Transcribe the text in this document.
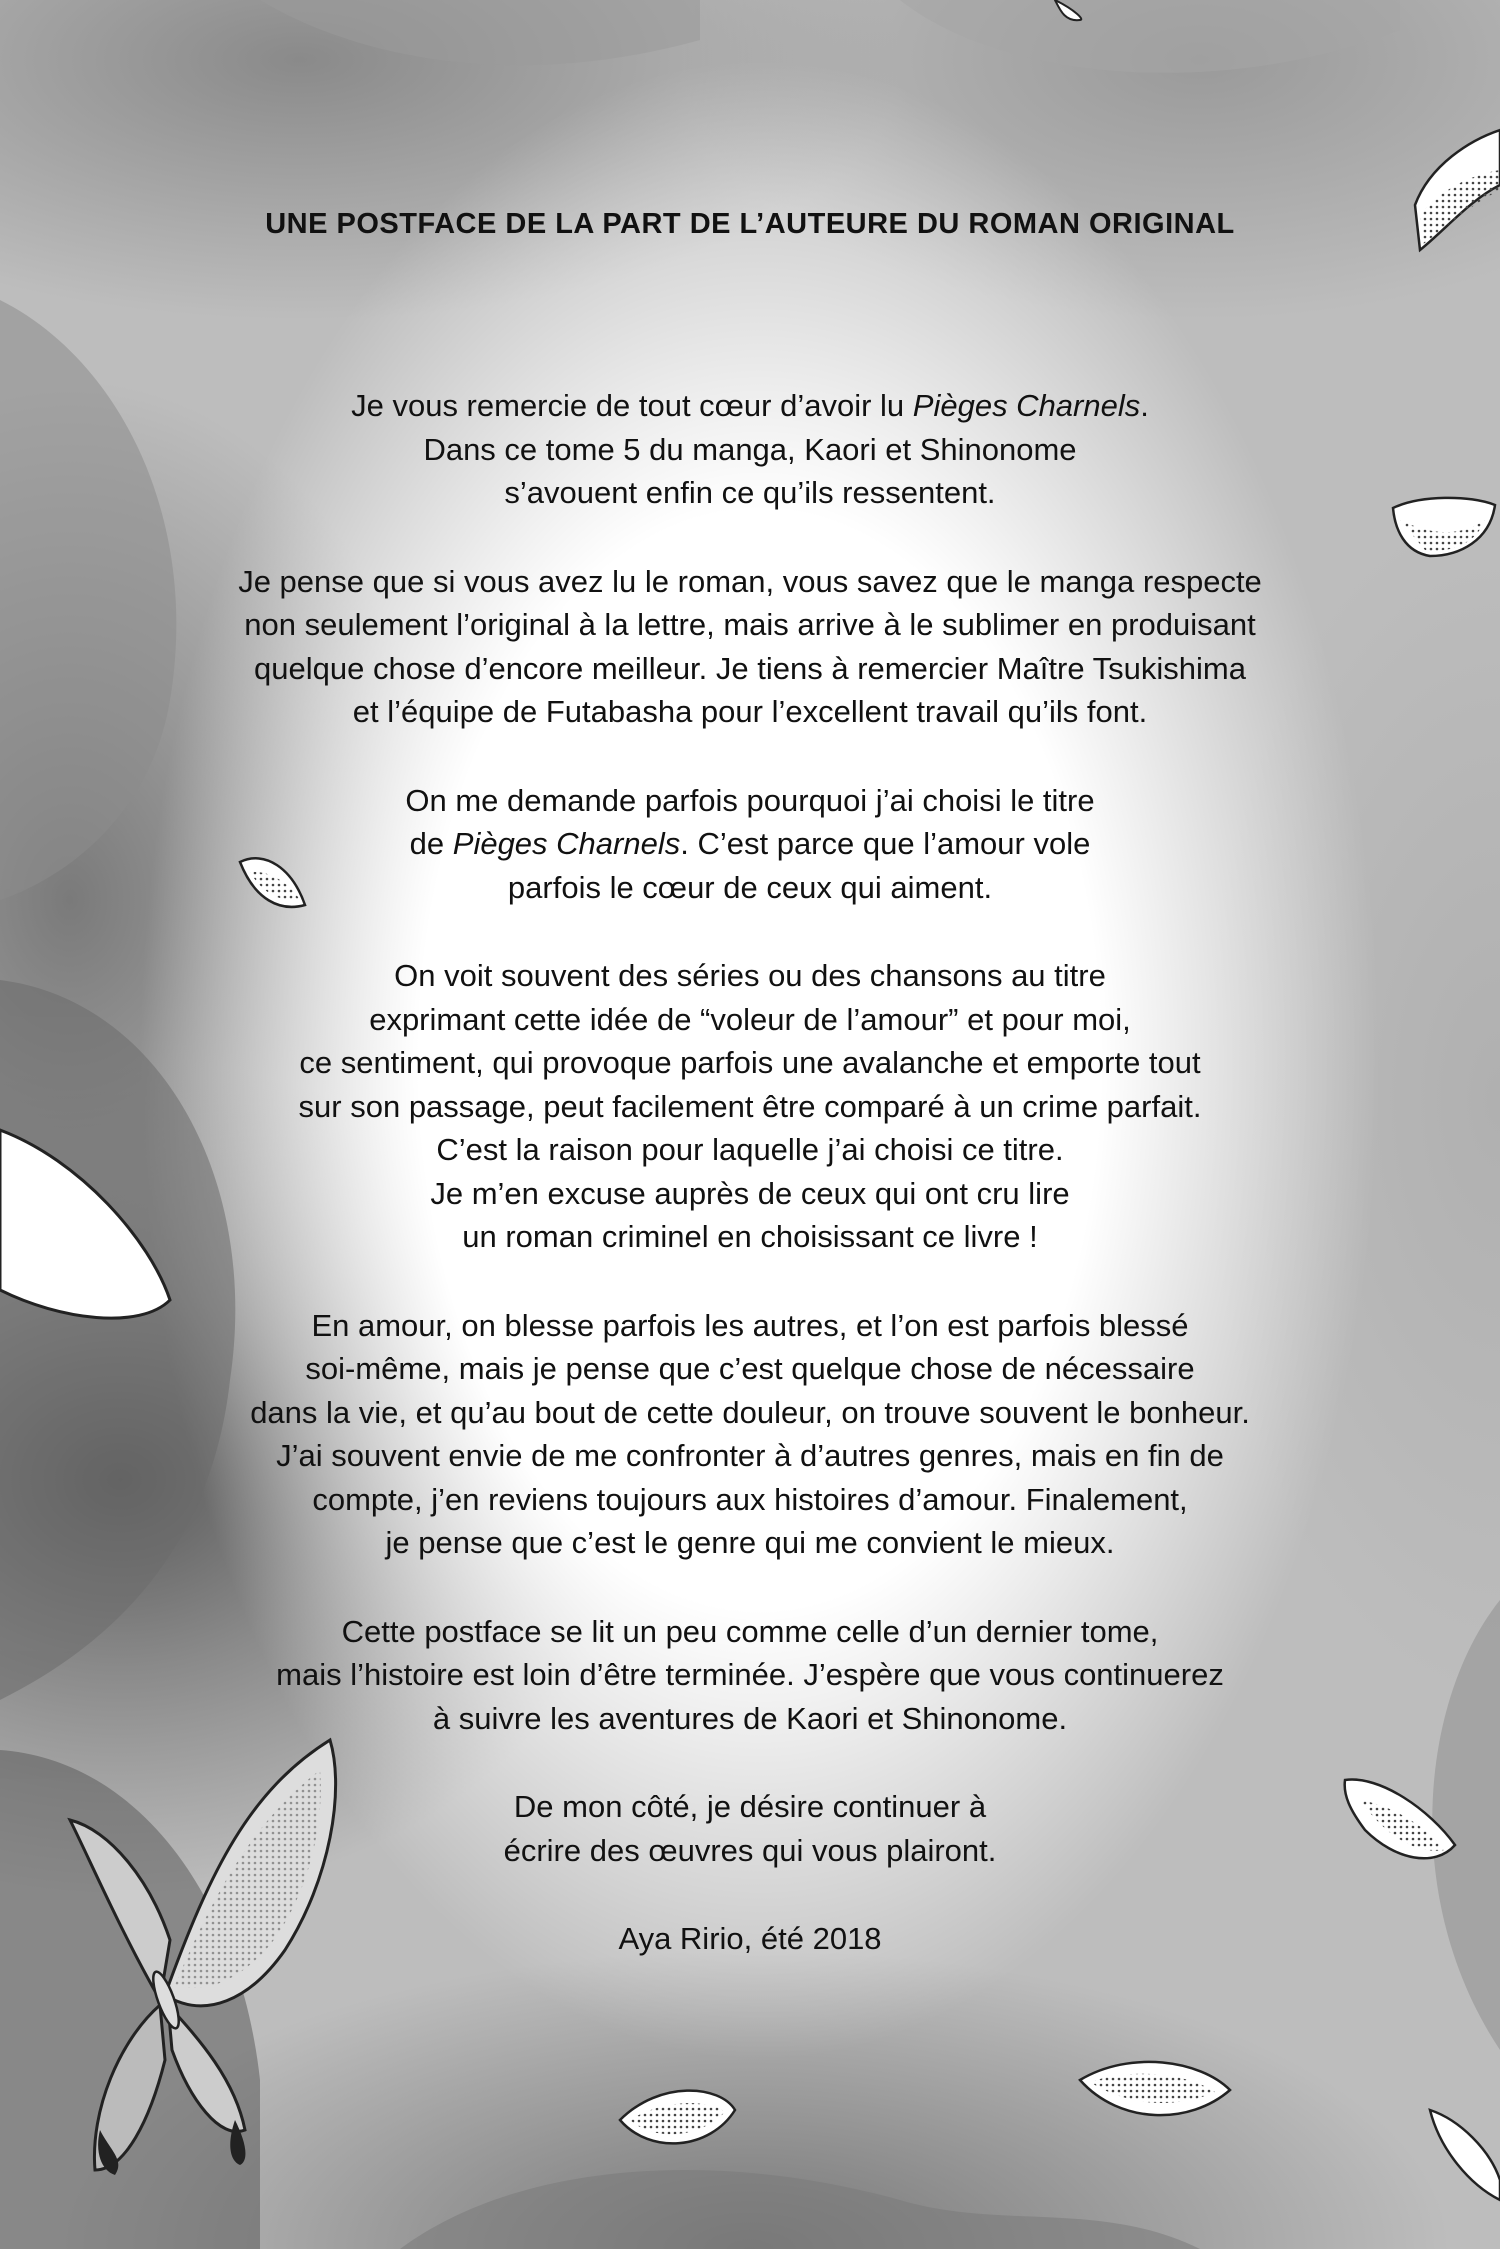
UNE POSTFACE DE LA PART DE L’AUTEURE DU ROMAN ORIGINAL

Je vous remercie de tout cœur d’avoir lu Pièges Charnels.
Dans ce tome 5 du manga, Kaori et Shinonome
s’avouent enfin ce qu’ils ressentent.

Je pense que si vous avez lu le roman, vous savez que le manga respecte
non seulement l’original à la lettre, mais arrive à le sublimer en produisant
quelque chose d’encore meilleur. Je tiens à remercier Maître Tsukishima
et l’équipe de Futabasha pour l’excellent travail qu’ils font.

On me demande parfois pourquoi j’ai choisi le titre
de Pièges Charnels. C’est parce que l’amour vole
parfois le cœur de ceux qui aiment.

On voit souvent des séries ou des chansons au titre
exprimant cette idée de “voleur de l’amour” et pour moi,
ce sentiment, qui provoque parfois une avalanche et emporte tout
sur son passage, peut facilement être comparé à un crime parfait.
C’est la raison pour laquelle j’ai choisi ce titre.
Je m’en excuse auprès de ceux qui ont cru lire
un roman criminel en choisissant ce livre !

En amour, on blesse parfois les autres, et l’on est parfois blessé
soi-même, mais je pense que c’est quelque chose de nécessaire
dans la vie, et qu’au bout de cette douleur, on trouve souvent le bonheur.
J’ai souvent envie de me confronter à d’autres genres, mais en fin de
compte, j’en reviens toujours aux histoires d’amour. Finalement,
je pense que c’est le genre qui me convient le mieux.

Cette postface se lit un peu comme celle d’un dernier tome,
mais l’histoire est loin d’être terminée. J’espère que vous continuerez
à suivre les aventures de Kaori et Shinonome.

De mon côté, je désire continuer à
écrire des œuvres qui vous plairont.

Aya Ririo, été 2018
